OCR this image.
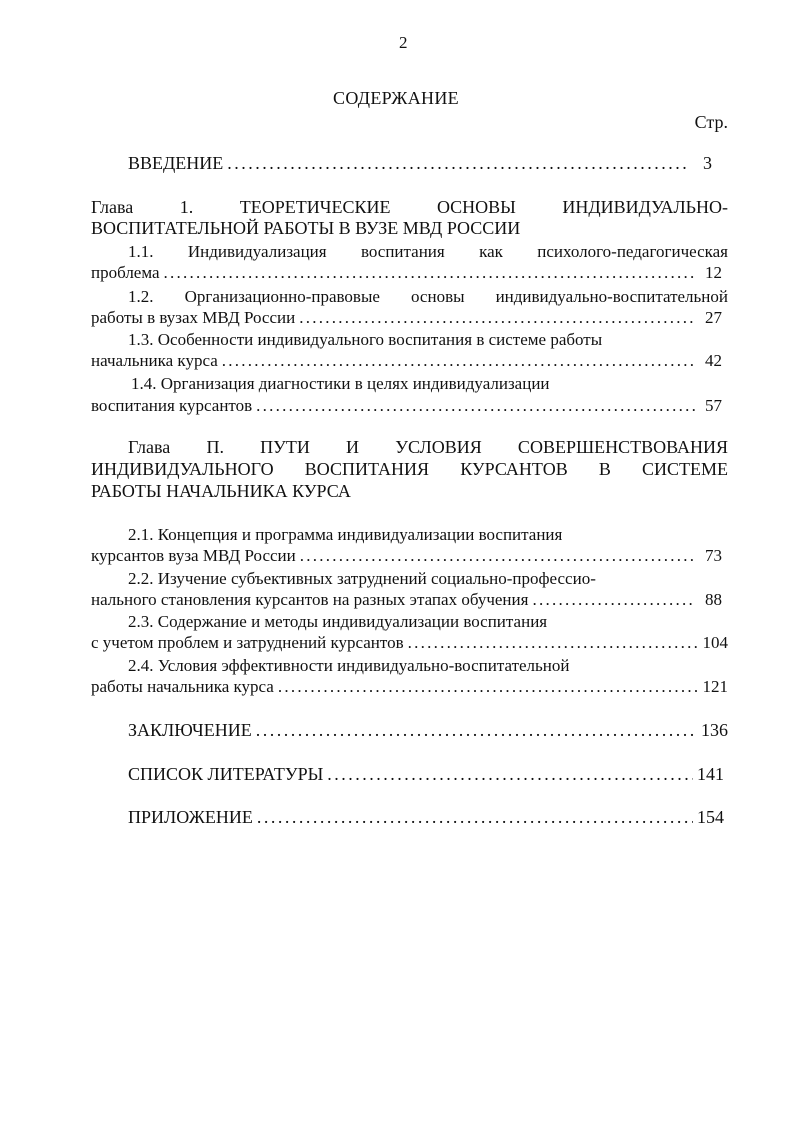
2
СОДЕРЖАНИЕ
Стр.
ВВЕДЕНИЕ . . .	3
Глава 1. ТЕОРЕТИЧЕСКИЕ ОСНОВЫ ИНДИВИДУАЛЬНО-
ВОСПИТАТЕЛЬНОЙ РАБОТЫ В ВУЗЕ МВД РОССИИ
1.1. Индивидуализация воспитания как психолого-педагогическая
проблема . . .	12
1.2. Организационно-правовые основы индивидуально-воспитательной
работы в вузах МВД России . . .	27
1.3. Особенности индивидуального воспитания в системе работы
начальника курса . . .	42
1.4. Организация диагностики в целях индивидуализации
воспитания курсантов . . .	57
Глава П. ПУТИ И УСЛОВИЯ СОВЕРШЕНСТВОВАНИЯ
ИНДИВИДУАЛЬНОГО ВОСПИТАНИЯ КУРСАНТОВ В СИСТЕМЕ
РАБОТЫ НАЧАЛЬНИКА КУРСА
2.1. Концепция и программа индивидуализации воспитания
курсантов вуза МВД России . . .	73
2.2. Изучение субъективных затруднений социально-профессио-
нального становления курсантов на разных этапах обучения . . .	88
2.3. Содержание и методы индивидуализации воспитания
с учетом проблем и затруднений курсантов . . .	104
2.4. Условия эффективности индивидуально-воспитательной
работы начальника курса . . .	121
ЗАКЛЮЧЕНИЕ . . .	136
СПИСОК ЛИТЕРАТУРЫ . . .	141
ПРИЛОЖЕНИЕ . . .	154
